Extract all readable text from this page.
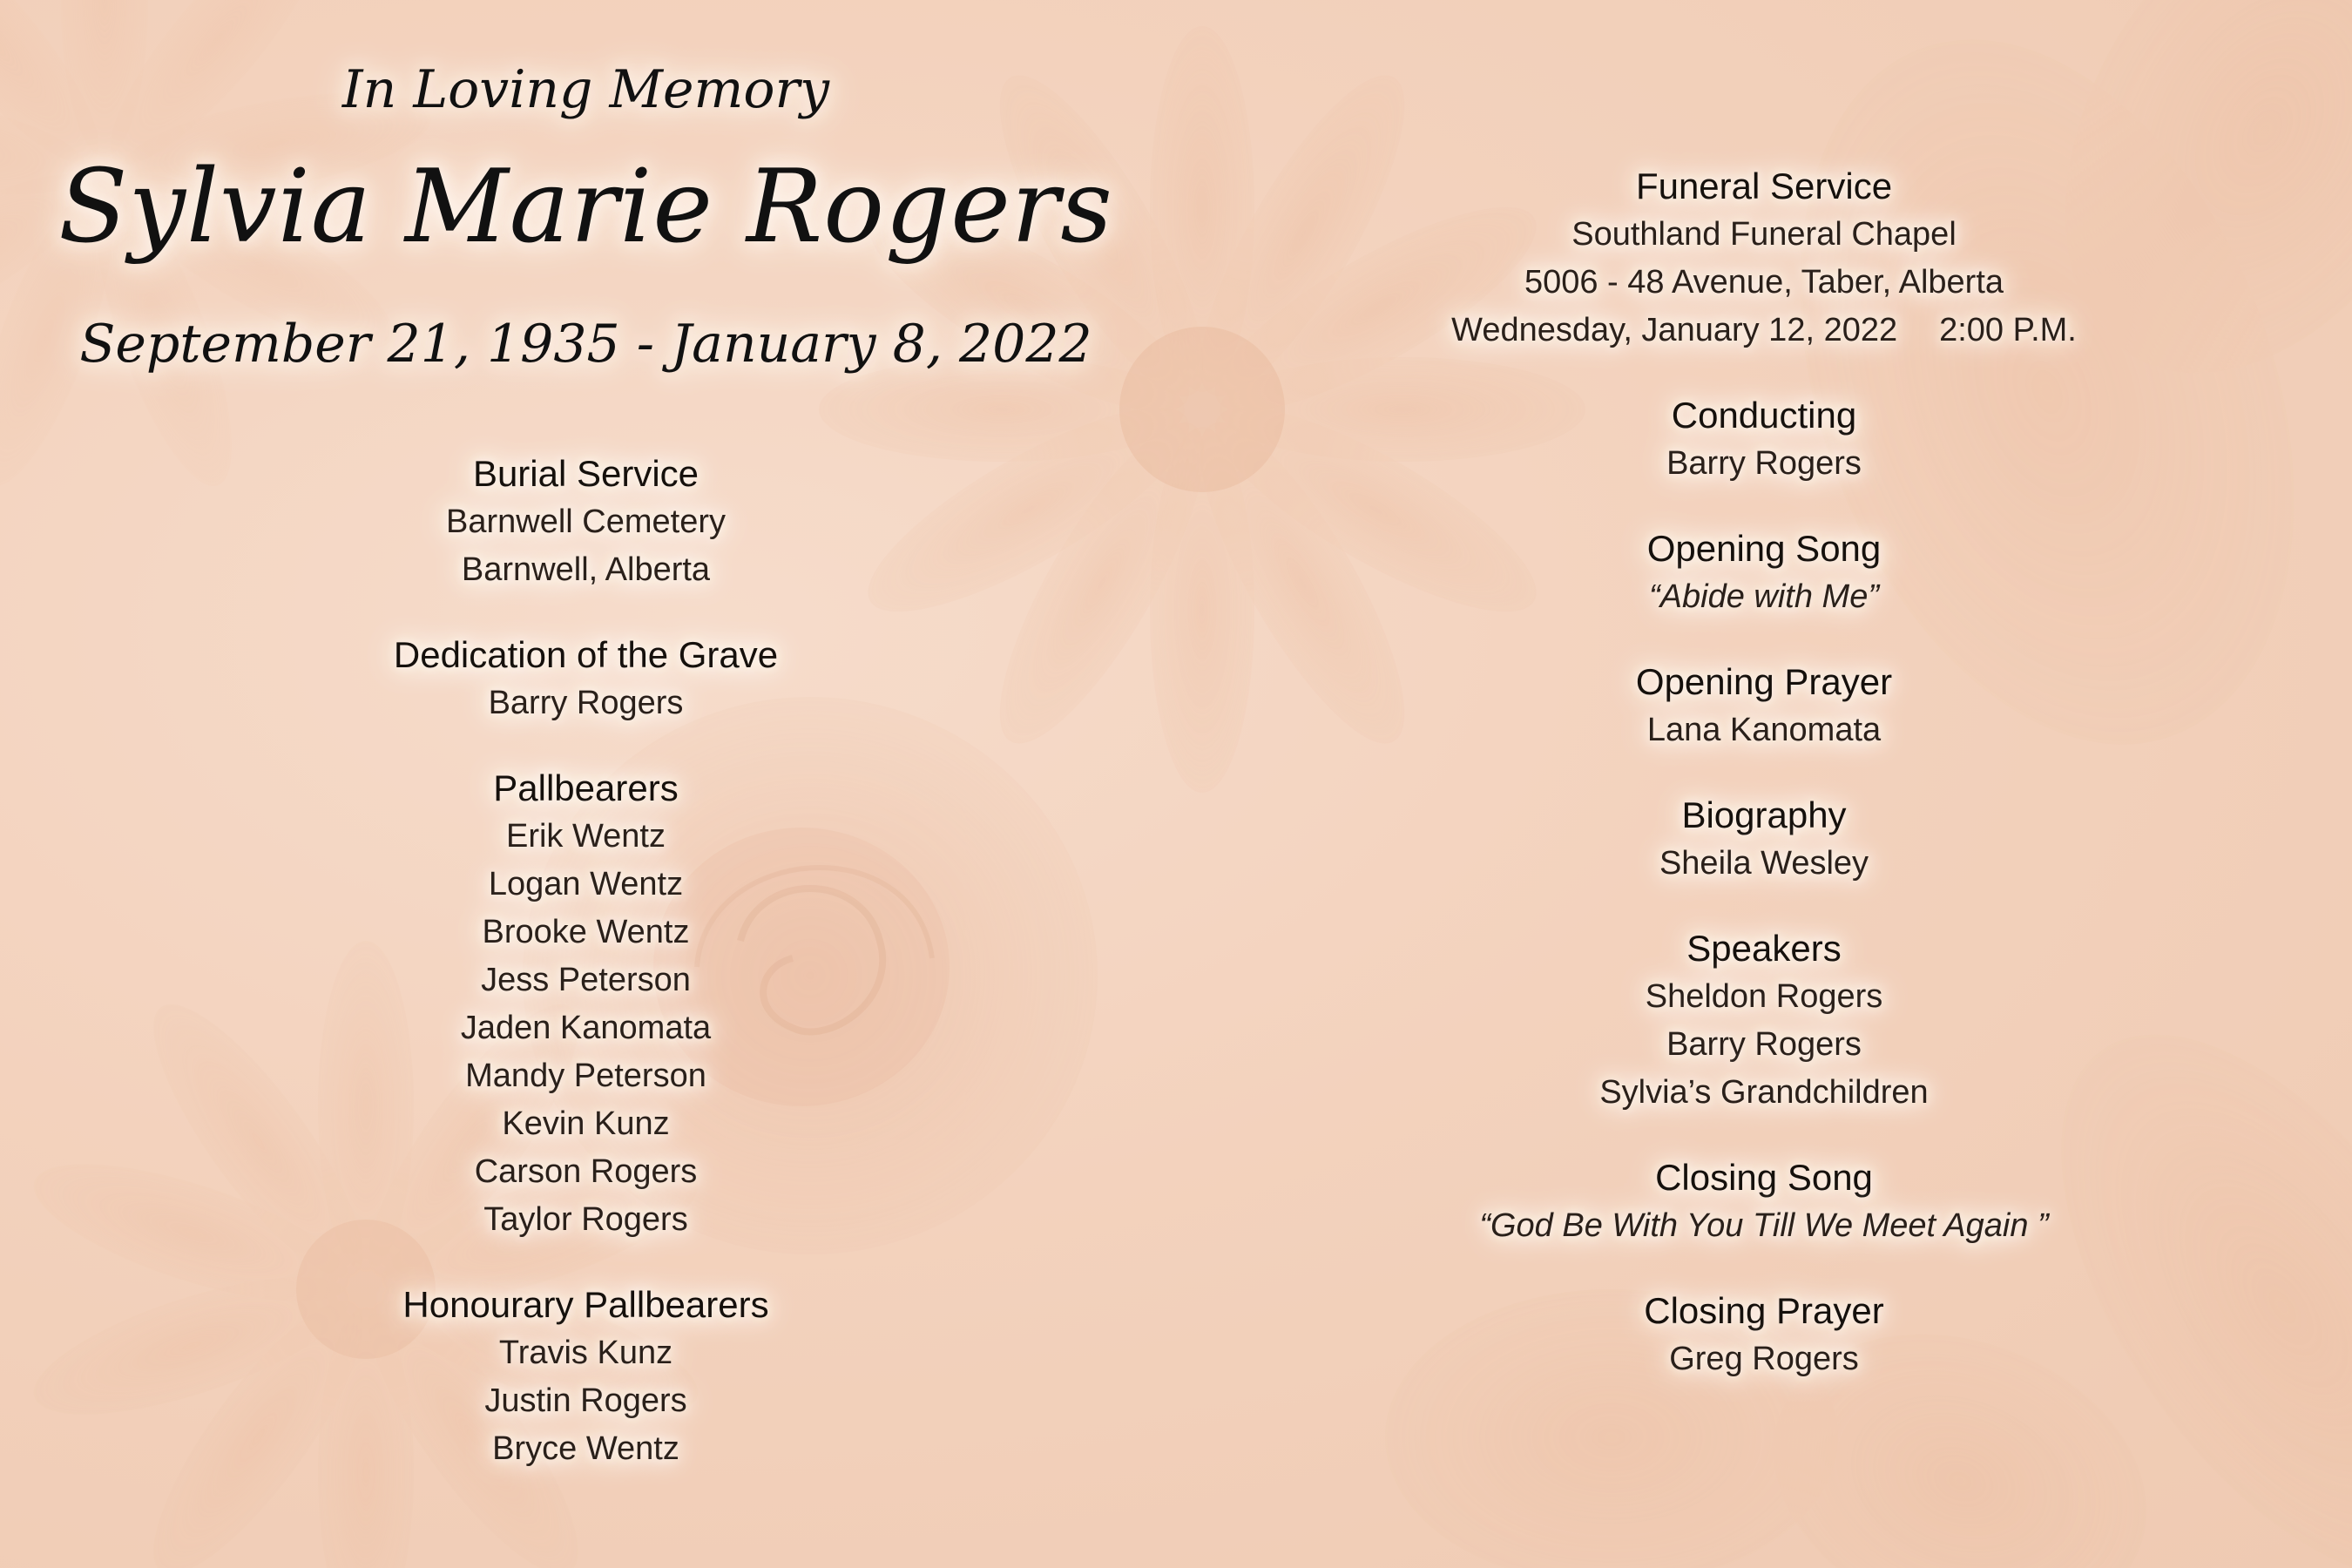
In Loving Memory
Sylvia Marie Rogers
September 21, 1935 - January 8, 2022
Burial Service
Barnwell Cemetery
Barnwell, Alberta
Dedication of the Grave
Barry Rogers
Pallbearers
Erik Wentz
Logan Wentz
Brooke Wentz
Jess Peterson
Jaden Kanomata
Mandy Peterson
Kevin Kunz
Carson Rogers
Taylor Rogers
Honourary Pallbearers
Travis Kunz
Justin Rogers
Bryce Wentz
Funeral Service
Southland Funeral Chapel
5006 - 48 Avenue, Taber, Alberta
Wednesday, January 12, 2022 2:00 P.M.
Conducting
Barry Rogers
Opening Song
“Abide with Me”
Opening Prayer
Lana Kanomata
Biography
Sheila Wesley
Speakers
Sheldon Rogers
Barry Rogers
Sylvia’s Grandchildren
Closing Song
“God Be With You Till We Meet Again ”
Closing Prayer
Greg Rogers
